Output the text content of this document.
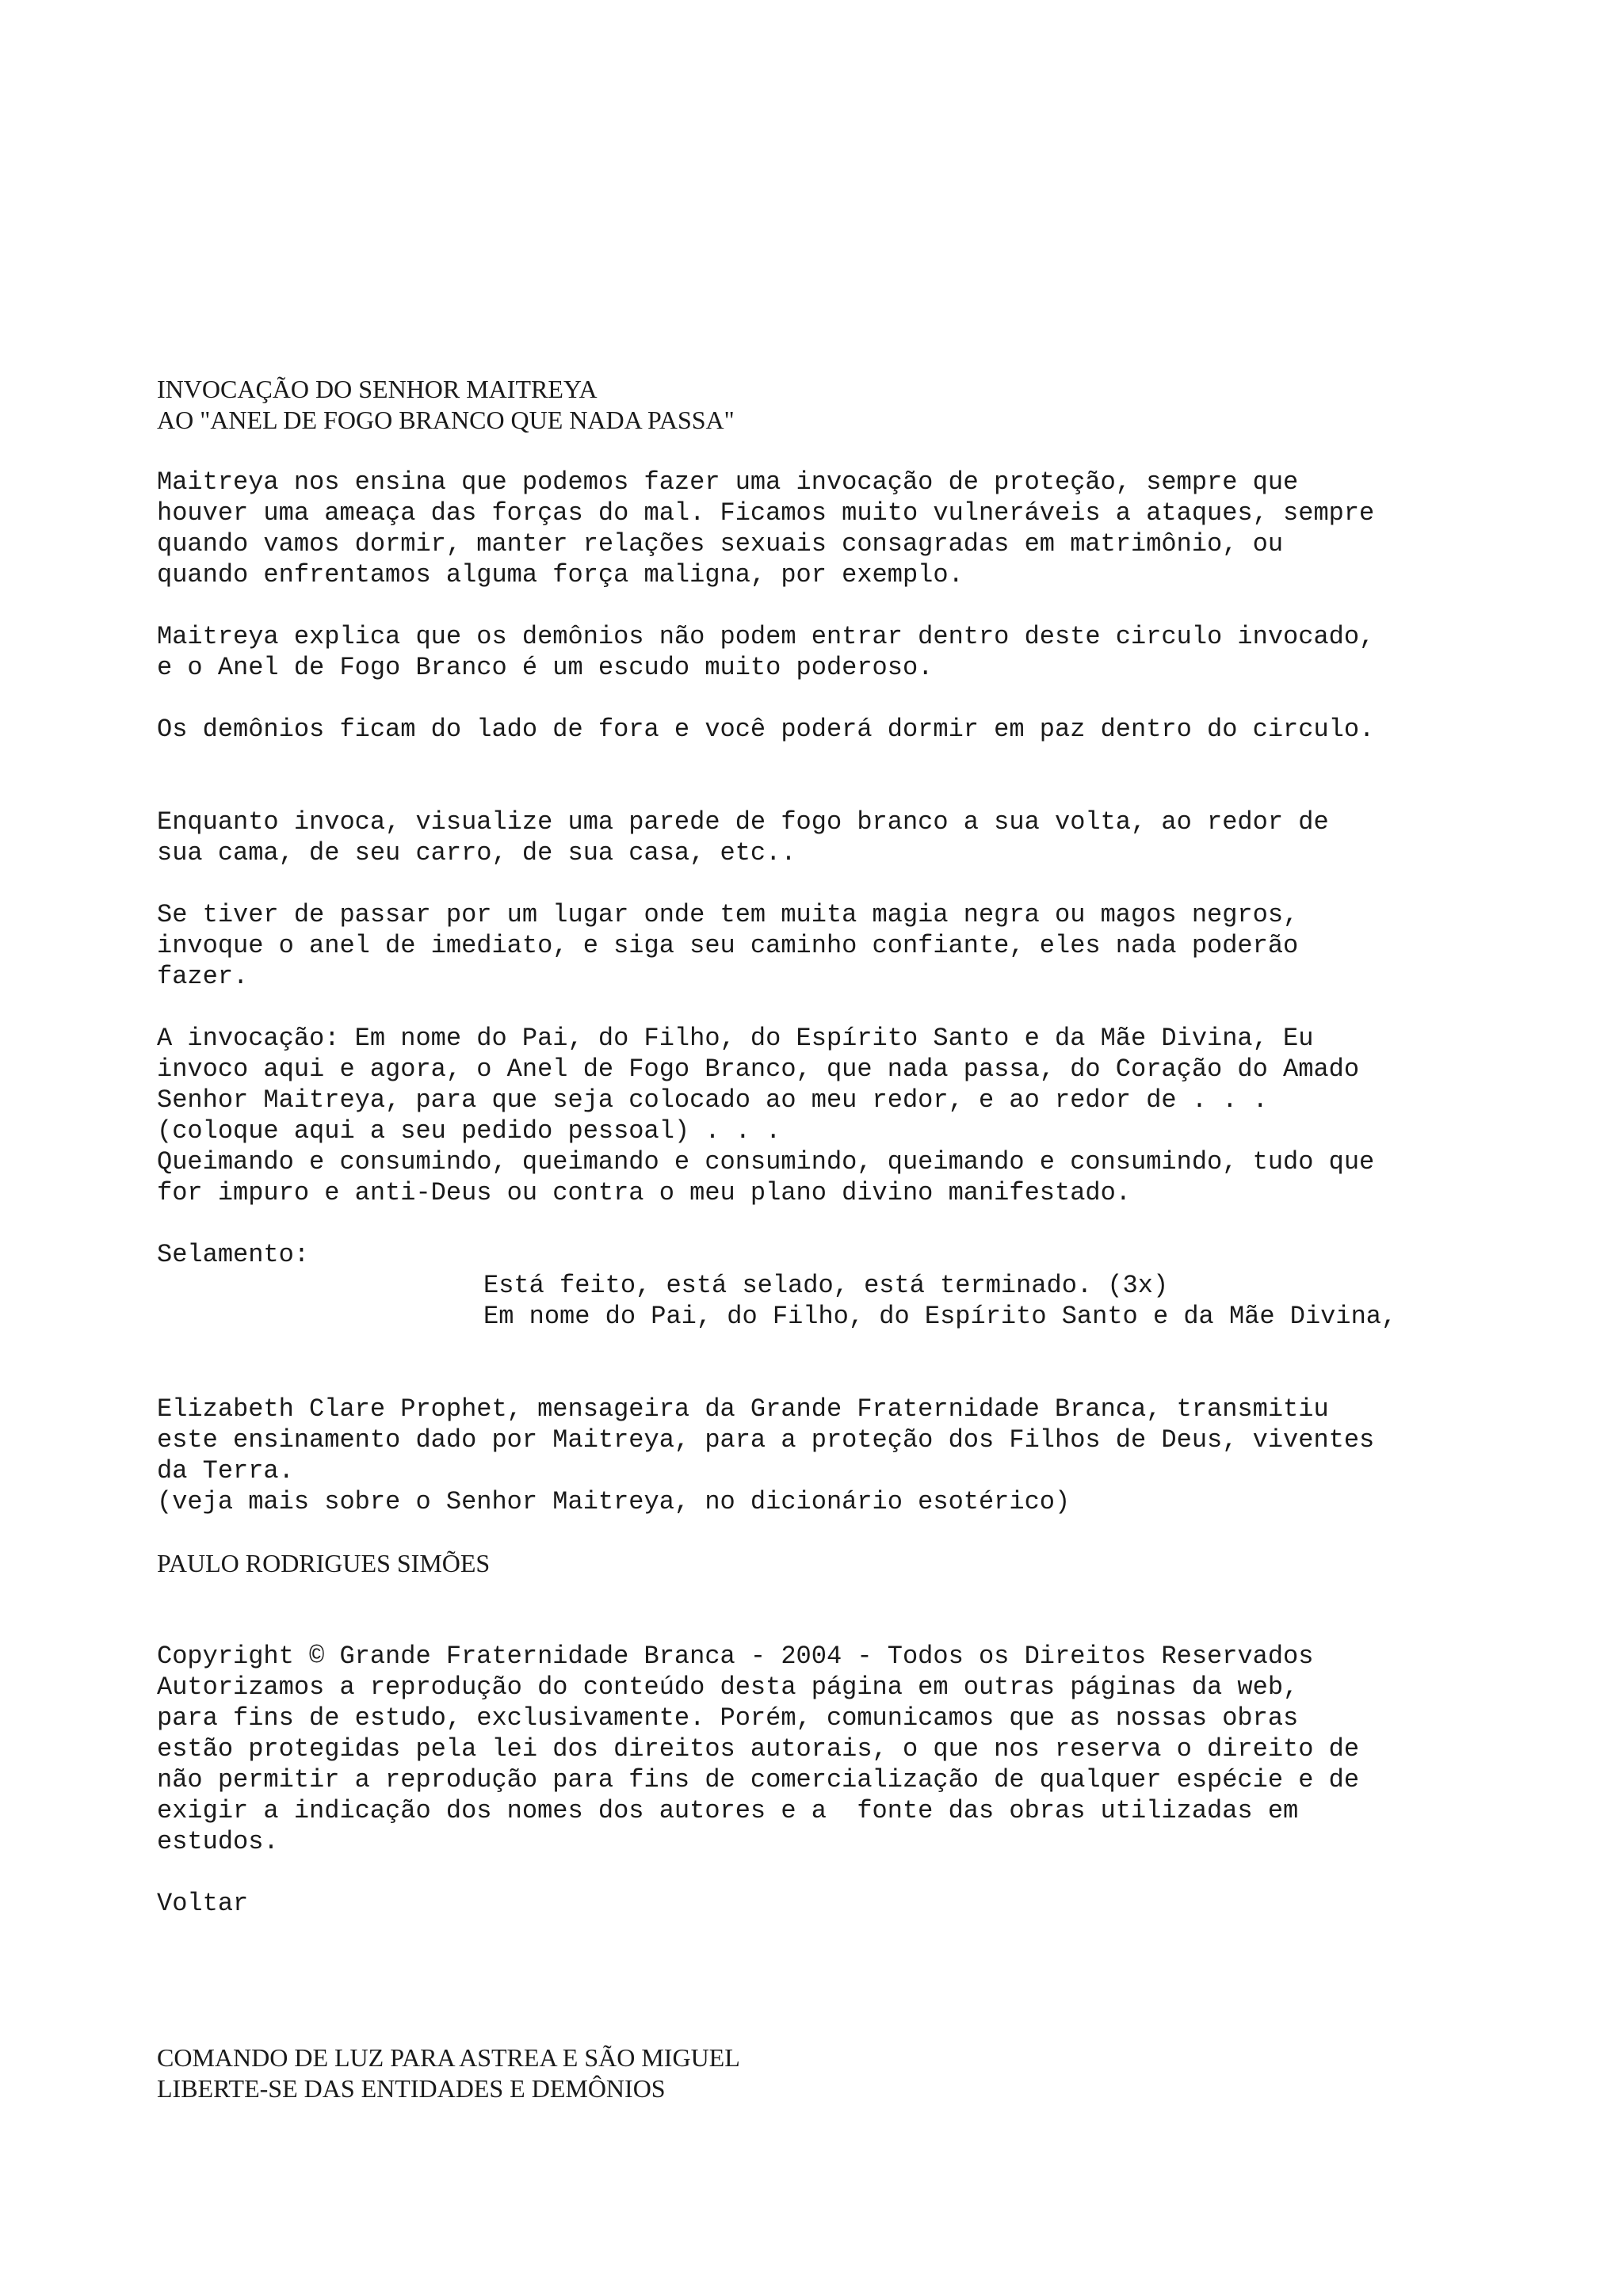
INVOCAÇÃO DO SENHOR MAITREYA
AO "ANEL DE FOGO BRANCO QUE NADA PASSA"
Maitreya nos ensina que podemos fazer uma invocação de proteção, sempre que
houver uma ameaça das forças do mal. Ficamos muito vulneráveis a ataques, sempre
quando vamos dormir, manter relações sexuais consagradas em matrimônio, ou
quando enfrentamos alguma força maligna, por exemplo.
Maitreya explica que os demônios não podem entrar dentro deste circulo invocado,
e o Anel de Fogo Branco é um escudo muito poderoso.
Os demônios ficam do lado de fora e você poderá dormir em paz dentro do circulo.
Enquanto invoca, visualize uma parede de fogo branco a sua volta, ao redor de
sua cama, de seu carro, de sua casa, etc..
Se tiver de passar por um lugar onde tem muita magia negra ou magos negros,
invoque o anel de imediato, e siga seu caminho confiante, eles nada poderão
fazer.
A invocação: Em nome do Pai, do Filho, do Espírito Santo e da Mãe Divina, Eu
invoco aqui e agora, o Anel de Fogo Branco, que nada passa, do Coração do Amado
Senhor Maitreya, para que seja colocado ao meu redor, e ao redor de . . .
(coloque aqui a seu pedido pessoal) . . .
Queimando e consumindo, queimando e consumindo, queimando e consumindo, tudo que
for impuro e anti-Deus ou contra o meu plano divino manifestado.
Selamento:
Está feito, está selado, está terminado. (3x)
Em nome do Pai, do Filho, do Espírito Santo e da Mãe Divina,
Elizabeth Clare Prophet, mensageira da Grande Fraternidade Branca, transmitiu
este ensinamento dado por Maitreya, para a proteção dos Filhos de Deus, viventes
da Terra.
(veja mais sobre o Senhor Maitreya, no dicionário esotérico)
PAULO RODRIGUES SIMÕES
Copyright © Grande Fraternidade Branca - 2004 - Todos os Direitos Reservados
Autorizamos a reprodução do conteúdo desta página em outras páginas da web,
para fins de estudo, exclusivamente. Porém, comunicamos que as nossas obras
estão protegidas pela lei dos direitos autorais, o que nos reserva o direito de
não permitir a reprodução para fins de comercialização de qualquer espécie e de
exigir a indicação dos nomes dos autores e a  fonte das obras utilizadas em
estudos.
Voltar
COMANDO DE LUZ PARA ASTREA E SÃO MIGUEL
LIBERTE-SE DAS ENTIDADES E DEMÔNIOS
